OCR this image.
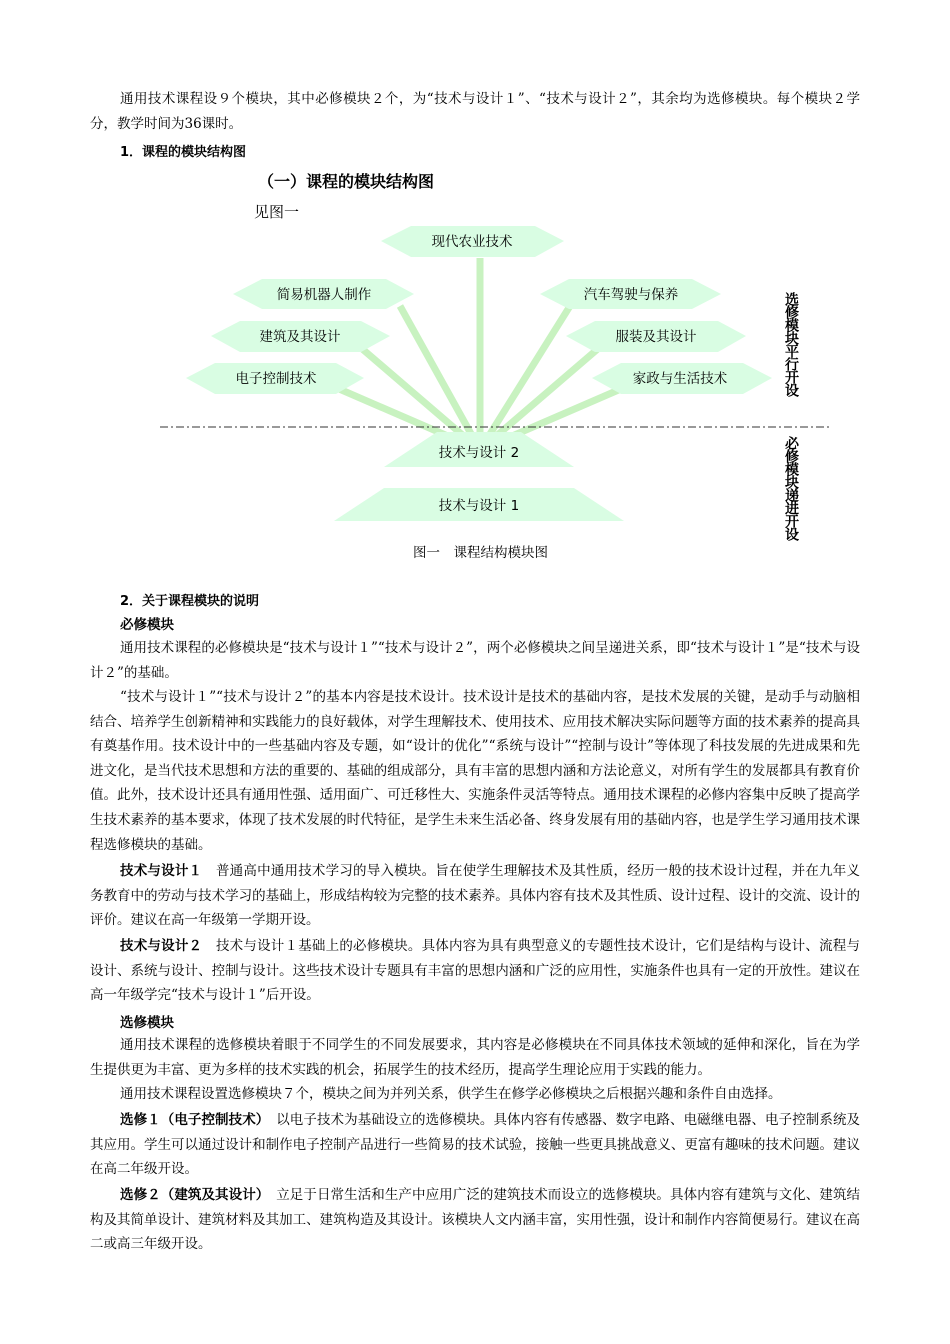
通用技术课程设９个模块，其中必修模块２个，为“技术与设计１”、“技术与设计２”，其余均为选修模块。每个模块２学分，教学时间为36课时。

1．课程的模块结构图

（一）课程的模块结构图
见图一
现代农业技术
简易机器人制作
建筑及其设计
电子控制技术
汽车驾驶与保养
服装及其设计
家政与生活技术
技术与设计 2
技术与设计 1
选修模块平行开设
必修模块递进开设
图一　课程结构模块图

2．关于课程模块的说明

必修模块

通用技术课程的必修模块是“技术与设计１”“技术与设计２”，两个必修模块之间呈递进关系，即“技术与设计１”是“技术与设计２”的基础。

“技术与设计１”“技术与设计２”的基本内容是技术设计。技术设计是技术的基础内容，是技术发展的关键，是动手与动脑相结合、培养学生创新精神和实践能力的良好载体，对学生理解技术、使用技术、应用技术解决实际问题等方面的技术素养的提高具有奠基作用。技术设计中的一些基础内容及专题，如“设计的优化”“系统与设计”“控制与设计”等体现了科技发展的先进成果和先进文化，是当代技术思想和方法的重要的、基础的组成部分，具有丰富的思想内涵和方法论意义，对所有学生的发展都具有教育价值。此外，技术设计还具有通用性强、适用面广、可迁移性大、实施条件灵活等特点。通用技术课程的必修内容集中反映了提高学生技术素养的基本要求，体现了技术发展的时代特征，是学生未来生活必备、终身发展有用的基础内容，也是学生学习通用技术课程选修模块的基础。

技术与设计１　 普通高中通用技术学习的导入模块。旨在使学生理解技术及其性质，经历一般的技术设计过程，并在九年义务教育中的劳动与技术学习的基础上，形成结构较为完整的技术素养。具体内容有技术及其性质、设计过程、设计的交流、设计的评价。建议在高一年级第一学期开设。

技术与设计２　 技术与设计１基础上的必修模块。具体内容为具有典型意义的专题性技术设计，它们是结构与设计、流程与设计、系统与设计、控制与设计。这些技术设计专题具有丰富的思想内涵和广泛的应用性，实施条件也具有一定的开放性。建议在高一年级学完“技术与设计１”后开设。

选修模块

通用技术课程的选修模块着眼于不同学生的不同发展要求，其内容是必修模块在不同具体技术领域的延伸和深化，旨在为学生提供更为丰富、更为多样的技术实践的机会，拓展学生的技术经历，提高学生理论应用于实践的能力。

通用技术课程设置选修模块７个，模块之间为并列关系，供学生在修学必修模块之后根据兴趣和条件自由选择。

选修１（电子控制技术）　 以电子技术为基础设立的选修模块。具体内容有传感器、数字电路、电磁继电器、电子控制系统及其应用。学生可以通过设计和制作电子控制产品进行一些简易的技术试验，接触一些更具挑战意义、更富有趣味的技术问题。建议在高二年级开设。

选修２（建筑及其设计）　 立足于日常生活和生产中应用广泛的建筑技术而设立的选修模块。具体内容有建筑与文化、建筑结构及其简单设计、建筑材料及其加工、建筑构造及其设计。该模块人文内涵丰富，实用性强，设计和制作内容简便易行。建议在高二或高三年级开设。
